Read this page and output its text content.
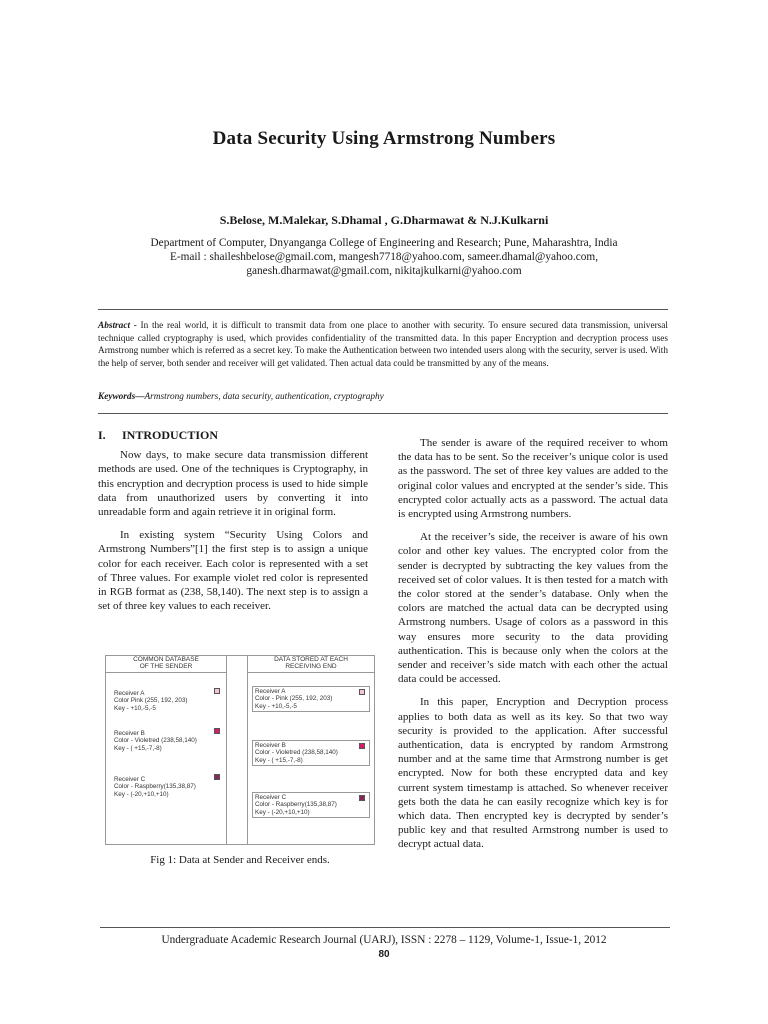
Data Security Using Armstrong Numbers
S.Belose, M.Malekar, S.Dhamal , G.Dharmawat & N.J.Kulkarni
Department of Computer, Dnyanganga College of Engineering and Research; Pune, Maharashtra, India
E-mail : shaileshbelose@gmail.com, mangesh7718@yahoo.com, sameer.dhamal@yahoo.com,
ganesh.dharmawat@gmail.com, nikitajkulkarni@yahoo.com
Abstract - In the real world, it is difficult to transmit data from one place to another with security. To ensure secured data transmission, universal technique called cryptography is used, which provides confidentiality of the transmitted data. In this paper Encryption and decryption process uses Armstrong number which is referred as a secret key. To make the Authentication between two intended users along with the security, server is used. With the help of server, both sender and receiver will get validated. Then actual data could be transmitted by any of the means.
Keywords—Armstrong numbers, data security, authentication, cryptography
I. INTRODUCTION

Now days, to make secure data transmission different methods are used. One of the techniques is Cryptography, in this encryption and decryption process is used to hide simple data from unauthorized users by converting it into unreadable form and again retrieve it in original form.

In existing system “Security Using Colors and Armstrong Numbers”[1] the first step is to assign a unique color for each receiver. Each color is represented with a set of Three values. For example violet red color is represented in RGB format as (238, 58,140). The next step is to assign a set of three key values to each receiver.

COMMON DATABASE
OF THE SENDER
Receiver A
Color Pink (255, 192, 203)
Key - +10,-5,-5
Receiver B
Color - Violetred (238,58,140)
Key - ( +15,-7,-8)
Receiver C
Color - Raspberry(135,38,87)
Key - (-20,+10,+10)
DATA STORED AT EACH
RECEIVING END
Receiver A
Color - Pink (255, 192, 203)
Key - +10,-5,-5
Receiver B
Color - Violetred (238,58,140)
Key - ( +15,-7,-8)
Receiver C
Color - Raspberry(135,38,87)
Key - (-20,+10,+10)
Fig 1: Data at Sender and Receiver ends.

The sender is aware of the required receiver to whom the data has to be sent. So the receiver’s unique color is used as the password. The set of three key values are added to the original color values and encrypted at the sender’s side. This encrypted color actually acts as a password. The actual data is encrypted using Armstrong numbers.

At the receiver’s side, the receiver is aware of his own color and other key values. The encrypted color from the sender is decrypted by subtracting the key values from the received set of color values. It is then tested for a match with the color stored at the sender’s database. Only when the colors are matched the actual data can be decrypted using Armstrong numbers. Usage of colors as a password in this way ensures more security to the data providing authentication. This is because only when the colors at the sender and receiver’s side match with each other the actual data could be accessed.

In this paper, Encryption and Decryption process applies to both data as well as its key. So that two way security is provided to the application. After successful authentication, data is encrypted by random Armstrong number and at the same time that Armstrong number is get encrypted. Now for both these encrypted data and key current system timestamp is attached. So whenever receiver gets both the data he can easily recognize which key is for which data. Then encrypted key is decrypted by sender’s public key and that resulted Armstrong number is used to decrypt actual data.

Undergraduate Academic Research Journal (UARJ), ISSN : 2278 – 1129, Volume-1, Issue-1, 2012
80
